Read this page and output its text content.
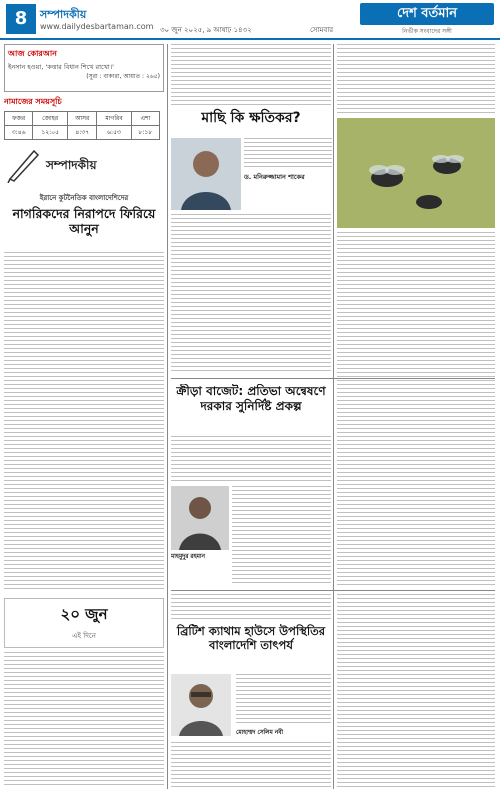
8	সম্পাদকীয়
www.dailydesbartaman.com ৩০ জুন ২০২৫, ৯ আষাঢ় ১৪৩২	সোমবার
দেশ বর্তমান
নির্ভীক সংবাদের সঙ্গী
আজ কোরআন
ইনসান হওয়া, 'কত্তার বিধান শিখে রাখো।'
(সুরা : বাকারা, আয়াত : ২৬৫)
নামাজের সময়সূচি
ফজর	জোহর	আসর	মাগরিব	এশা
৩:৪৬	১২:০৫	৪:৩৭	৬:৫৩	৮:১৮
সম্পাদকীয়
ইরানে কুটনৈতিক বাংলাদেশিদের
নাগরিকদের নিরাপদে ফিরিয়ে আনুন
২০ জুন
এই দিনে
মাছি কি ক্ষতিকর?
ড. মনিরুজ্জামান শাকের
ক্রীড়া বাজেট: প্রতিভা অন্বেষণে দরকার সুনির্দিষ্ট প্রকল্প
মাহমুদুর রহমান
ব্রিটিশ ক্যাথাম হাউসে উপস্থিতির বাংলাদেশি তাৎপর্য
মোহাম্মদ সেলিম নবী
